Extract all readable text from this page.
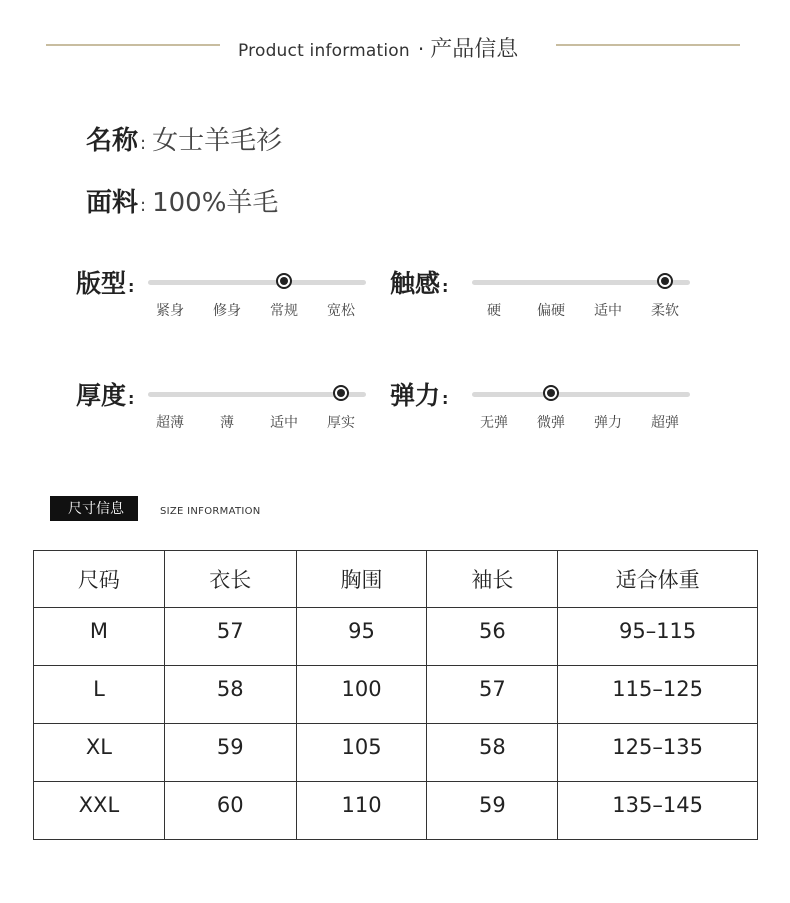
Product information · 产品信息
名称 : 女士羊毛衫
面料 : 100%羊毛
版型 :
紧身 修身 常规 宽松
触感 :
硬	偏硬 适中 柔软
厚度 :
超薄	薄	适中 厚实
弹力 :
无弹 微弹 弹力 超弹
尺寸信息	SIZE INFORMATION
尺码	衣长	胸围	袖长	适合体重
M	57	95	56	95–115
L	58	100	57	115–125
XL	59	105	58	125–135
XXL	60	110	59	135–145
